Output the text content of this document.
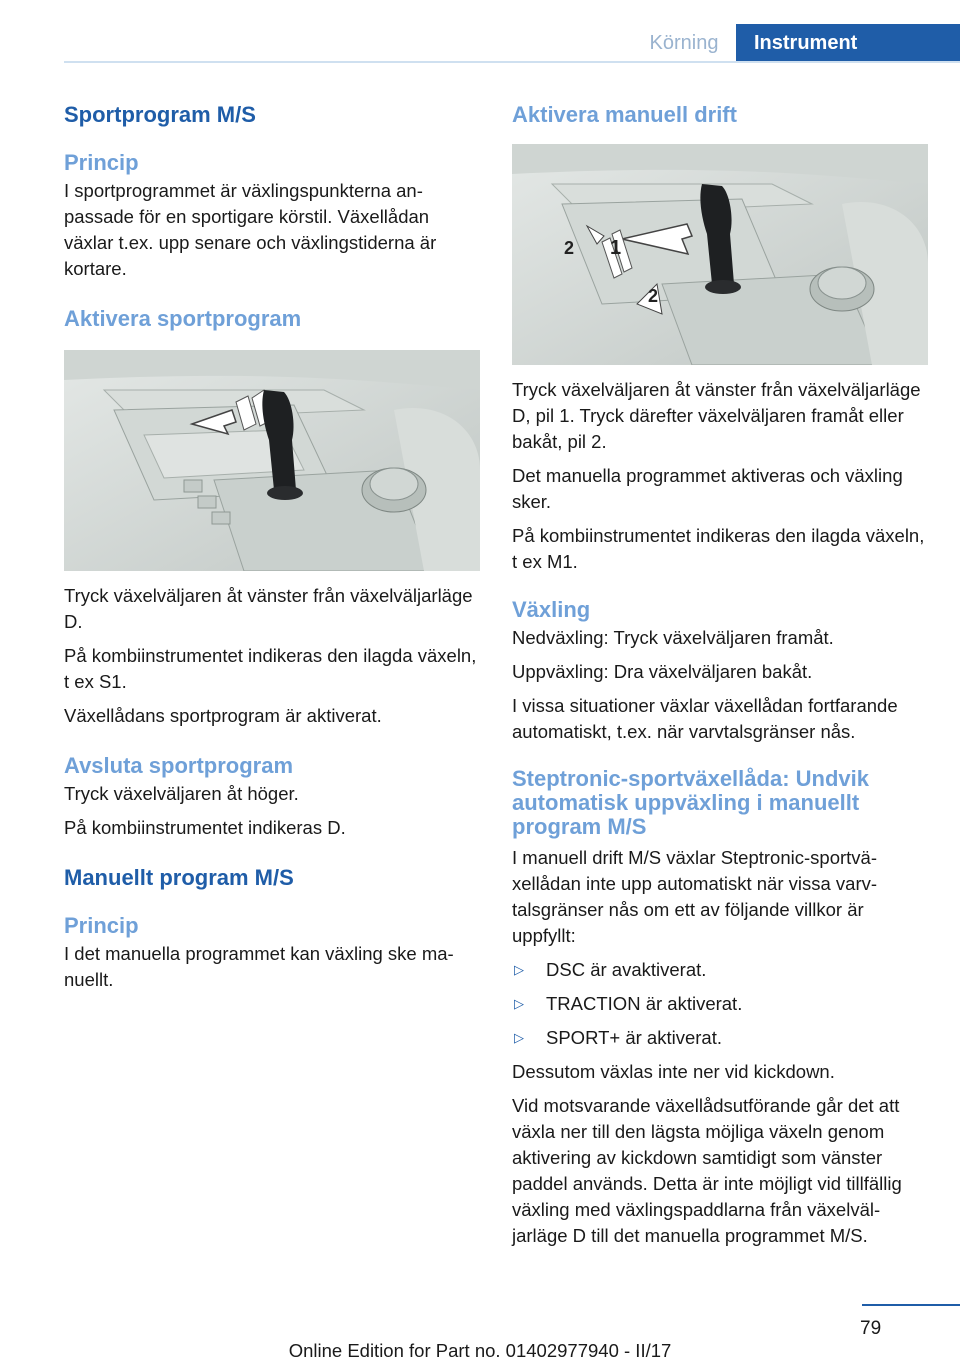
Körning	Instrument
Sportprogram M/S
Princip

I sportprogrammet är växlingspunkterna anpassade för en sportigare körstil. Växellådan växlar t.ex. upp senare och växlingstiderna är kortare.

Aktivera sportprogram

Tryck växelväljaren åt vänster från växelväljarläge D.

På kombiinstrumentet indikeras den ilagda växeln, t ex S1.

Växellådans sportprogram är aktiverat.

Avsluta sportprogram

Tryck växelväljaren åt höger.

På kombiinstrumentet indikeras D.

Manuellt program M/S
Princip

I det manuella programmet kan växling ske manuellt.

Aktivera manuell drift
1
2
2

Tryck växelväljaren åt vänster från växelväljarläge D, pil 1. Tryck därefter växelväljaren framåt eller bakåt, pil 2.

Det manuella programmet aktiveras och växling sker.

På kombiinstrumentet indikeras den ilagda växeln, t ex M1.

Växling

Nedväxling: Tryck växelväljaren framåt.

Uppväxling: Dra växelväljaren bakåt.

I vissa situationer växlar växellådan fortfarande automatiskt, t.ex. när varvtalsgränser nås.

Steptronic-sportväxellåda: Undvik automatisk uppväxling i manuellt program M/S

I manuell drift M/S växlar Steptronic-sportväxellådan inte upp automatiskt när vissa varvtalsgränser nås om ett av följande villkor är uppfyllt:

▷ DSC är avaktiverat.
▷ TRACTION är aktiverat.
▷ SPORT+ är aktiverat.

Dessutom växlas inte ner vid kickdown.

Vid motsvarande växellådsutförande går det att växla ner till den lägsta möjliga växeln genom aktivering av kickdown samtidigt som vänster paddel används. Detta är inte möjligt vid tillfällig växling med växlingspaddlarna från växelväljarläge D till det manuella programmet M/S.

79
Online Edition for Part no. 01402977940 - II/17
